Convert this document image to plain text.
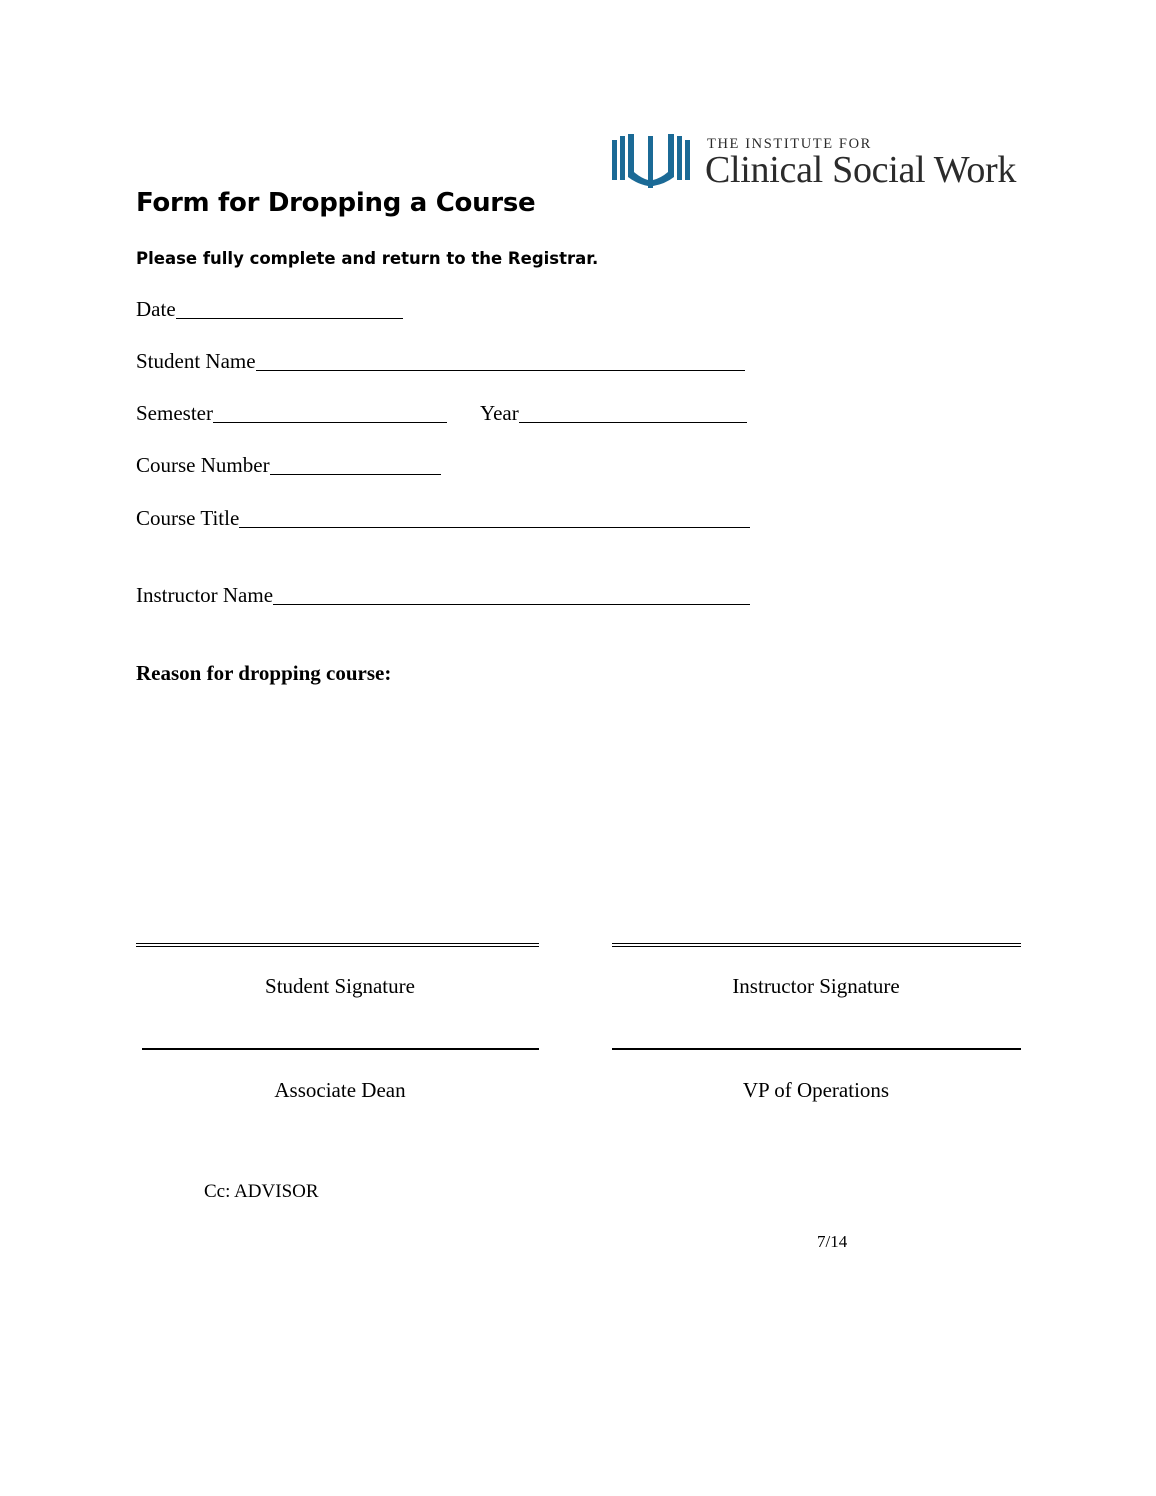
THE INSTITUTE FOR
Clinical Social Work
Form for Dropping a Course
Please fully complete and return to the Registrar.
Date
Student Name
Semester	Year
Course Number
Course Title
Instructor Name
Reason for dropping course:
Student Signature	Instructor Signature
Associate Dean	VP of Operations
Cc: ADVISOR
7/14
